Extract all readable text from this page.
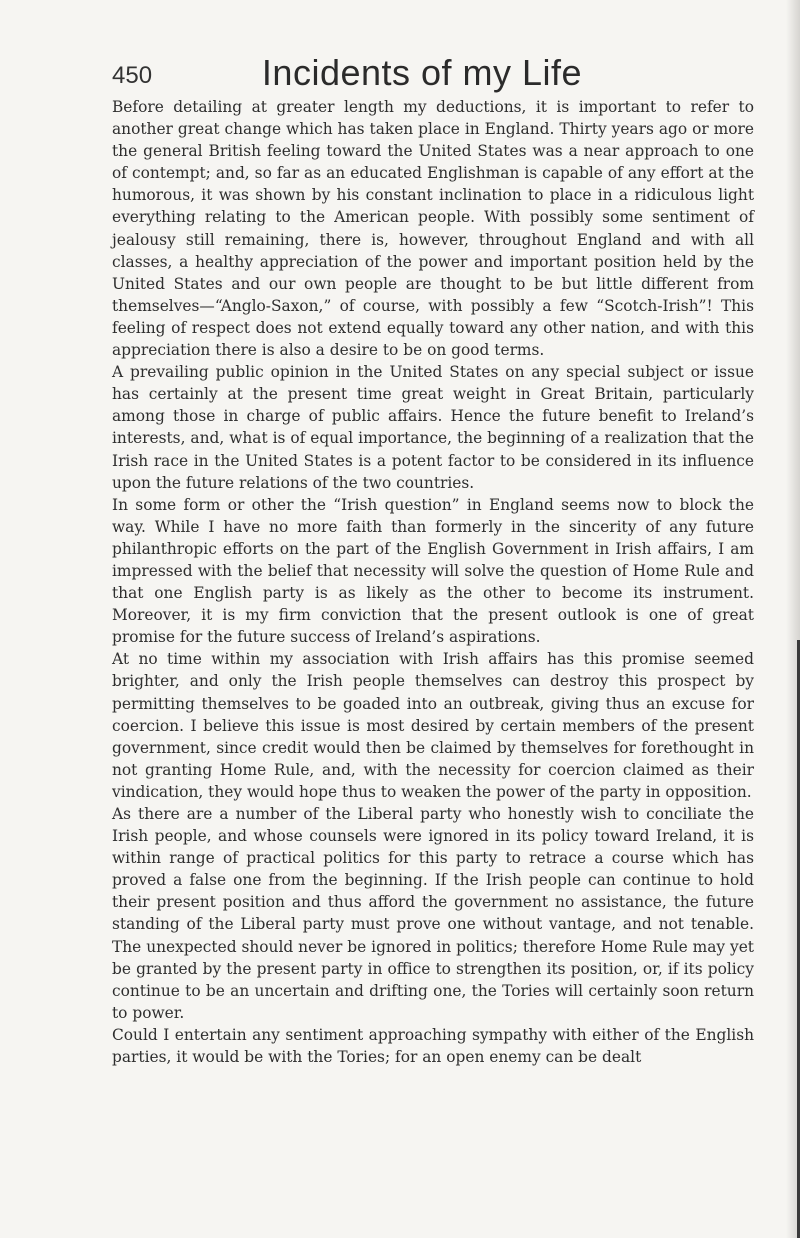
450	Incidents of my Life

Before detailing at greater length my deductions, it is important to refer to another great change which has taken place in England. Thirty years ago or more the general British feeling toward the United States was a near approach to one of contempt; and, so far as an educated Englishman is capable of any effort at the humorous, it was shown by his constant inclination to place in a ridiculous light everything relating to the American people. With possibly some sentiment of jealousy still remaining, there is, however, throughout England and with all classes, a healthy appreciation of the power and important position held by the United States and our own people are thought to be but little different from themselves—“Anglo-Saxon,” of course, with possibly a few “Scotch-Irish”! This feeling of respect does not extend equally toward any other nation, and with this appreciation there is also a desire to be on good terms.

A prevailing public opinion in the United States on any special subject or issue has certainly at the present time great weight in Great Britain, particularly among those in charge of public affairs. Hence the future benefit to Ireland’s interests, and, what is of equal importance, the beginning of a realization that the Irish race in the United States is a potent factor to be considered in its influence upon the future relations of the two countries.

In some form or other the “Irish question” in England seems now to block the way. While I have no more faith than formerly in the sincerity of any future philanthropic efforts on the part of the English Government in Irish affairs, I am impressed with the belief that necessity will solve the question of Home Rule and that one English party is as likely as the other to become its instrument. Moreover, it is my firm conviction that the present outlook is one of great promise for the future success of Ireland’s aspirations.

At no time within my association with Irish affairs has this promise seemed brighter, and only the Irish people themselves can destroy this prospect by permitting themselves to be goaded into an outbreak, giving thus an excuse for coercion. I believe this issue is most desired by certain members of the present government, since credit would then be claimed by themselves for forethought in not granting Home Rule, and, with the necessity for coercion claimed as their vindication, they would hope thus to weaken the power of the party in opposition.

As there are a number of the Liberal party who honestly wish to conciliate the Irish people, and whose counsels were ignored in its policy toward Ireland, it is within range of practical politics for this party to retrace a course which has proved a false one from the beginning. If the Irish people can continue to hold their present position and thus afford the government no assistance, the future standing of the Liberal party must prove one without vantage, and not tenable. The unexpected should never be ignored in politics; therefore Home Rule may yet be granted by the present party in office to strengthen its position, or, if its policy continue to be an uncertain and drifting one, the Tories will certainly soon return to power.

Could I entertain any sentiment approaching sympathy with either of the English parties, it would be with the Tories; for an open enemy can be dealt
